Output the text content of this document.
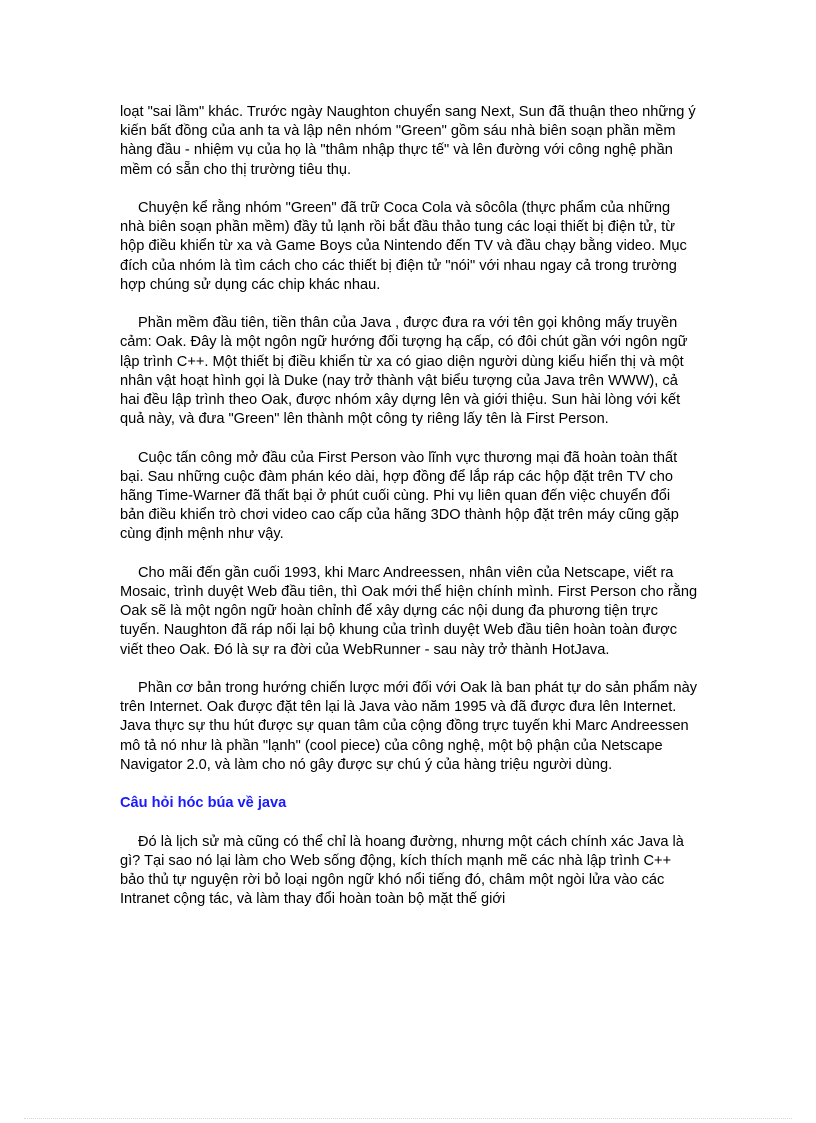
loạt "sai lầm" khác. Trước ngày Naughton chuyển sang Next, Sun đã thuận theo những ý kiến bất đồng của anh ta và lập nên nhóm "Green" gồm sáu nhà biên soạn phần mềm hàng đầu - nhiệm vụ của họ là "thâm nhập thực tế" và lên đường với công nghệ phần mềm có sẵn cho thị trường tiêu thụ.

Chuyện kể rằng nhóm "Green" đã trữ Coca Cola và sôcôla (thực phẩm của những nhà biên soạn phần mềm) đầy tủ lạnh rồi bắt đầu thảo tung các loại thiết bị điện tử, từ hộp điều khiển từ xa và Game Boys của Nintendo đến TV và đầu chạy bằng video. Mục đích của nhóm là tìm cách cho các thiết bị điện tử "nói" với nhau ngay cả trong trường hợp chúng sử dụng các chip khác nhau.

Phần mềm đầu tiên, tiền thân của Java , được đưa ra với tên gọi không mấy truyền cảm: Oak. Đây là một ngôn ngữ hướng đối tượng hạ cấp, có đôi chút gần với ngôn ngữ lập trình C++. Một thiết bị điều khiển từ xa có giao diện người dùng kiểu hiển thị và một nhân vật hoạt hình gọi là Duke (nay trở thành vật biểu tượng của Java trên WWW), cả hai đều lập trình theo Oak, được nhóm xây dựng lên và giới thiệu. Sun hài lòng với kết quả này, và đưa "Green" lên thành một công ty riêng lấy tên là First Person.

Cuộc tấn công mở đầu của First Person vào lĩnh vực thương mại đã hoàn toàn thất bại. Sau những cuộc đàm phán kéo dài, hợp đồng để lắp ráp các hộp đặt trên TV cho hãng Time-Warner đã thất bại ở phút cuối cùng. Phi vụ liên quan đến việc chuyển đổi bản điều khiển trò chơi video cao cấp của hãng 3DO thành hộp đặt trên máy cũng gặp cùng định mệnh như vậy.

Cho mãi đến gần cuối 1993, khi Marc Andreessen, nhân viên của Netscape, viết ra Mosaic, trình duyệt Web đầu tiên, thì Oak mới thể hiện chính mình. First Person cho rằng Oak sẽ là một ngôn ngữ hoàn chỉnh để xây dựng các nội dung đa phương tiện trực tuyến. Naughton đã ráp nối lại bộ khung của trình duyệt Web đầu tiên hoàn toàn được viết theo Oak. Đó là sự ra đời của WebRunner - sau này trở thành HotJava.

Phần cơ bản trong hướng chiến lược mới đối với Oak là ban phát tự do sản phẩm này trên Internet. Oak được đặt tên lại là Java vào năm 1995 và đã được đưa lên Internet. Java thực sự thu hút được sự quan tâm của cộng đồng trực tuyến khi Marc Andreessen mô tả nó như là phần "lạnh" (cool piece) của công nghệ, một bộ phận của Netscape Navigator 2.0, và làm cho nó gây được sự chú ý của hàng triệu người dùng.

Câu hỏi hóc búa về java

Đó là lịch sử mà cũng có thể chỉ là hoang đường, nhưng một cách chính xác Java là gì? Tại sao nó lại làm cho Web sống động, kích thích mạnh mẽ các nhà lập trình C++ bảo thủ tự nguyện rời bỏ loại ngôn ngữ khó nổi tiếng đó, châm một ngòi lửa vào các Intranet cộng tác, và làm thay đổi hoàn toàn bộ mặt thế giới
